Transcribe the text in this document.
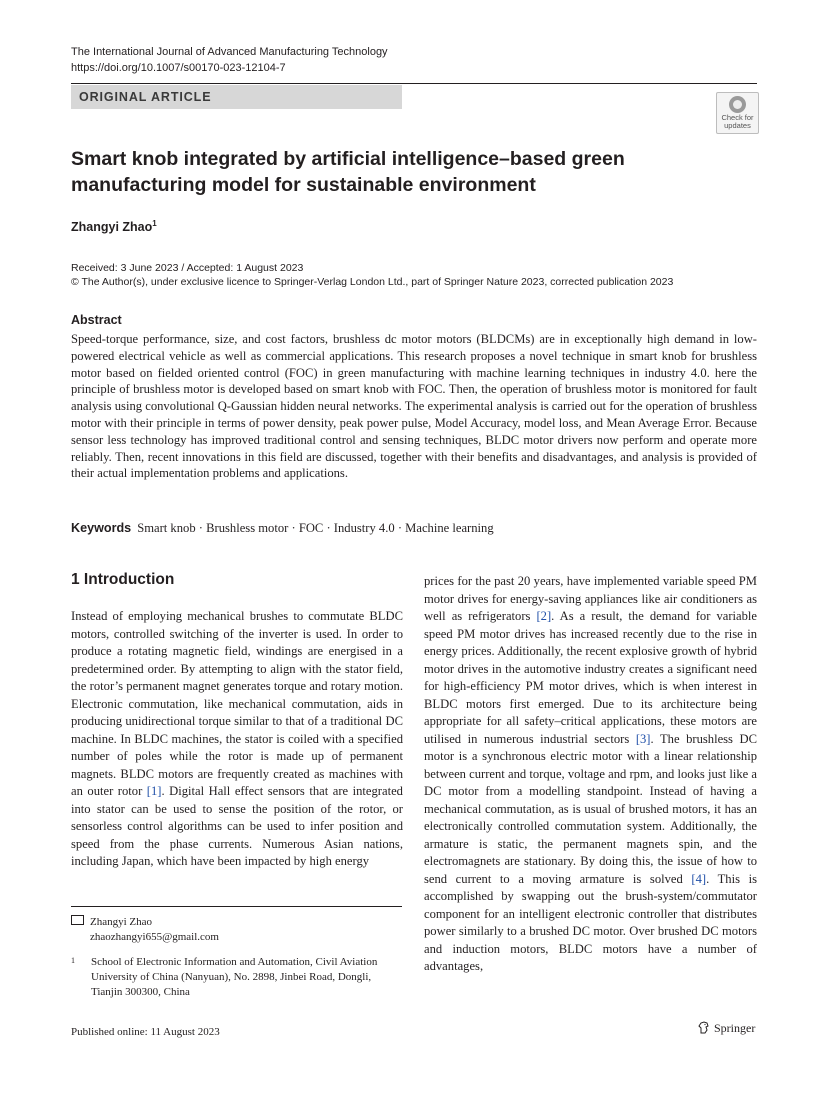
The International Journal of Advanced Manufacturing Technology
https://doi.org/10.1007/s00170-023-12104-7
ORIGINAL ARTICLE
Check for
updates
Smart knob integrated by artificial intelligence–based green
manufacturing model for sustainable environment
Zhangyi Zhao$^1$
Received: 3 June 2023 / Accepted: 1 August 2023
© The Author(s), under exclusive licence to Springer-Verlag London Ltd., part of Springer Nature 2023, corrected publication 2023
Abstract
Speed-torque performance, size, and cost factors, brushless dc motor motors (BLDCMs) are in exceptionally high demand in low-powered electrical vehicle as well as commercial applications. This research proposes a novel technique in smart knob for brushless motor based on fielded oriented control (FOC) in green manufacturing with machine learning techniques in industry 4.0. here the principle of brushless motor is developed based on smart knob with FOC. Then, the operation of brushless motor is monitored for fault analysis using convolutional Q-Gaussian hidden neural networks. The experimental analysis is carried out for the operation of brushless motor with their principle in terms of power density, peak power pulse, Model Accuracy, model loss, and Mean Average Error. Because sensor less technology has improved traditional control and sensing techniques, BLDC motor drivers now perform and operate more reliably. Then, recent innovations in this field are discussed, together with their benefits and disadvantages, and analysis is provided of their actual implementation problems and applications.
Keywords Smart knob · Brushless motor · FOC · Industry 4.0 · Machine learning
1 Introduction
Instead of employing mechanical brushes to commutate BLDC motors, controlled switching of the inverter is used. In order to produce a rotating magnetic field, windings are energised in a predetermined order. By attempting to align with the stator field, the rotor’s permanent magnet generates torque and rotary motion. Electronic commutation, like mechanical commutation, aids in producing unidirectional torque similar to that of a traditional DC machine. In BLDC machines, the stator is coiled with a specified number of poles while the rotor is made up of permanent magnets. BLDC motors are frequently created as machines with an outer rotor [1]. Digital Hall effect sensors that are integrated into stator can be used to sense the position of the rotor, or sensorless control algorithms can be used to infer position and speed from the phase currents. Numerous Asian nations, including Japan, which have been impacted by high energy
prices for the past 20 years, have implemented variable speed PM motor drives for energy-saving appliances like air conditioners as well as refrigerators [2]. As a result, the demand for variable speed PM motor drives has increased recently due to the rise in energy prices. Additionally, the recent explosive growth of hybrid motor drives in the automotive industry creates a significant need for high-efficiency PM motor drives, which is when interest in BLDC motors first emerged. Due to its architecture being appropriate for all safety–critical applications, these motors are utilised in numerous industrial sectors [3]. The brushless DC motor is a synchronous electric motor with a linear relationship between current and torque, voltage and rpm, and looks just like a DC motor from a modelling standpoint. Instead of having a mechanical commutation, as is usual of brushed motors, it has an electronically controlled commutation system. Additionally, the armature is static, the permanent magnets spin, and the electromagnets are stationary. By doing this, the issue of how to send current to a moving armature is solved [4]. This is accomplished by swapping out the brush-system/commutator component for an intelligent electronic controller that distributes power similarly to a brushed DC motor. Over brushed DC motors and induction motors, BLDC motors have a number of advantages,
Zhangyi Zhao
zhaozhangyi655@gmail.com
1 School of Electronic Information and Automation, Civil Aviation University of China (Nanyuan), No. 2898, Jinbei Road, Dongli, Tianjin 300300, China
Published online: 11 August 2023	Springer
